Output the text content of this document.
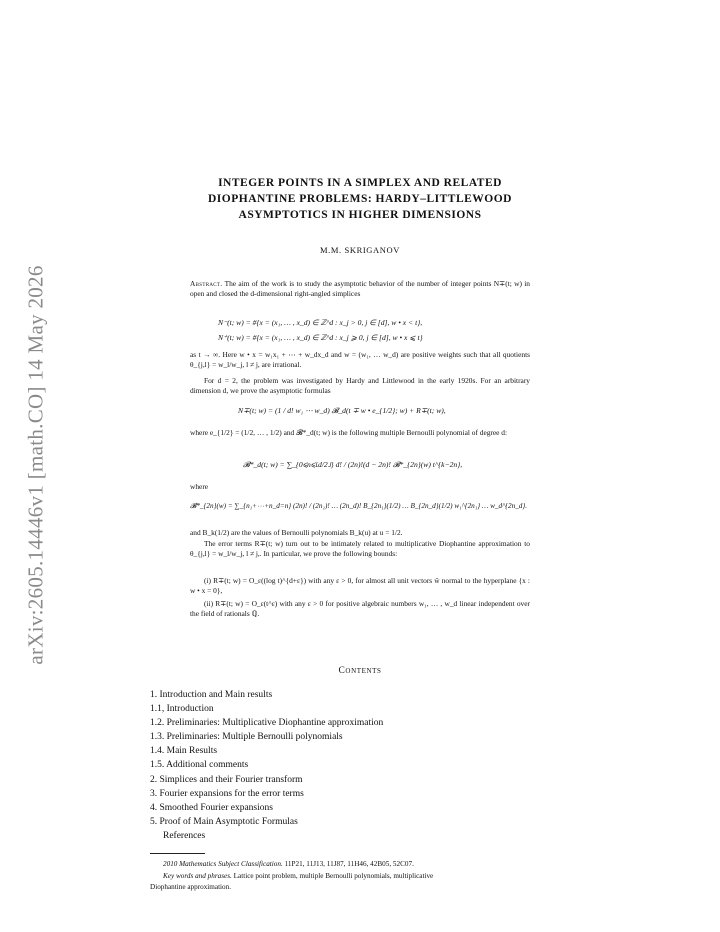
arXiv:2605.14446v1 [math.CO] 14 May 2026
INTEGER POINTS IN A SIMPLEX AND RELATED
DIOPHANTINE PROBLEMS: HARDY–LITTLEWOOD
ASYMPTOTICS IN HIGHER DIMENSIONS
M.M. SKRIGANOV
Abstract. The aim of the work is to study the asymptotic behavior of the number of integer points N∓(t; w) in open and closed the d-dimensional right-angled simplices
N⁻(t; w) = #{x = (x₁, … , x_d) ∈ ℤ^d : x_j > 0, j ∈ [d], w • x < t},
N⁺(t; w) = #{x = (x₁, … , x_d) ∈ ℤ^d : x_j ⩾ 0, j ∈ [d], w • x ⩽ t}
as t → ∞. Here w • x = w₁x₁ + ⋯ + w_dx_d and w = (w₁, … w_d) are positive weights such that all quotients θ_{j,l} = w_l/w_j, l ≠ j, are irrational.
For d = 2, the problem was investigated by Hardy and Littlewood in the early 1920s. For an arbitrary dimension d, we prove the asymptotic formulas
N∓(t; w) = (1 / d! w₁ ⋯ w_d) 𝓑_d(t ∓ w • e_{1/2}; w) + R∓(t; w),
where e_{1/2} = (1/2, … , 1/2) and 𝓑*_d(t; w) is the following multiple Bernoulli polynomial of degree d:
𝓑*_d(t; w) = ∑_{0⩽n⩽⌊d/2⌋} d! / (2n)!(d − 2n)! 𝓑*_{2n}(w) t^{k−2n},
where
𝓑*_{2n}(w) = ∑_{n₁+⋯+n_d=n} (2n)! / (2n₁)! … (2n_d)! B_{2n₁}(1/2) … B_{2n_d}(1/2) w₁^{2n₁} … w_d^{2n_d}.
and B_k(1/2) are the values of Bernoulli polynomials B_k(u) at u = 1/2.
The error terms R∓(t; w) turn out to be intimately related to multiplicative Diophantine approximation to θ_{j,l} = w_l/w_j, l ≠ j,. In particular, we prove the following bounds:
(i) R∓(t; w) = O_ε((log t)^{d+ε}) with any ε > 0, for almost all unit vectors ŵ normal to the hyperplane {x : w • x = 0},
(ii) R∓(t; w) = O_ε(t^ε) with any ε > 0 for positive algebraic numbers w₁, … , w_d linear independent over the field of rationals ℚ.
Contents
1. Introduction and Main results
1.1, Introduction
1.2. Preliminaries: Multiplicative Diophantine approximation
1.3. Preliminaries: Multiple Bernoulli polynomials
1.4. Main Results
1.5. Additional comments
2. Simplices and their Fourier transform
3. Fourier expansions for the error terms
4. Smoothed Fourier expansions
5. Proof of Main Asymptotic Formulas
References
2010 Mathematics Subject Classification. 11P21, 11J13, 11J87, 11H46, 42B05, 52C07.
Key words and phrases. Lattice point problem, multiple Bernoulli polynomials, multiplicative
Diophantine approximation.
